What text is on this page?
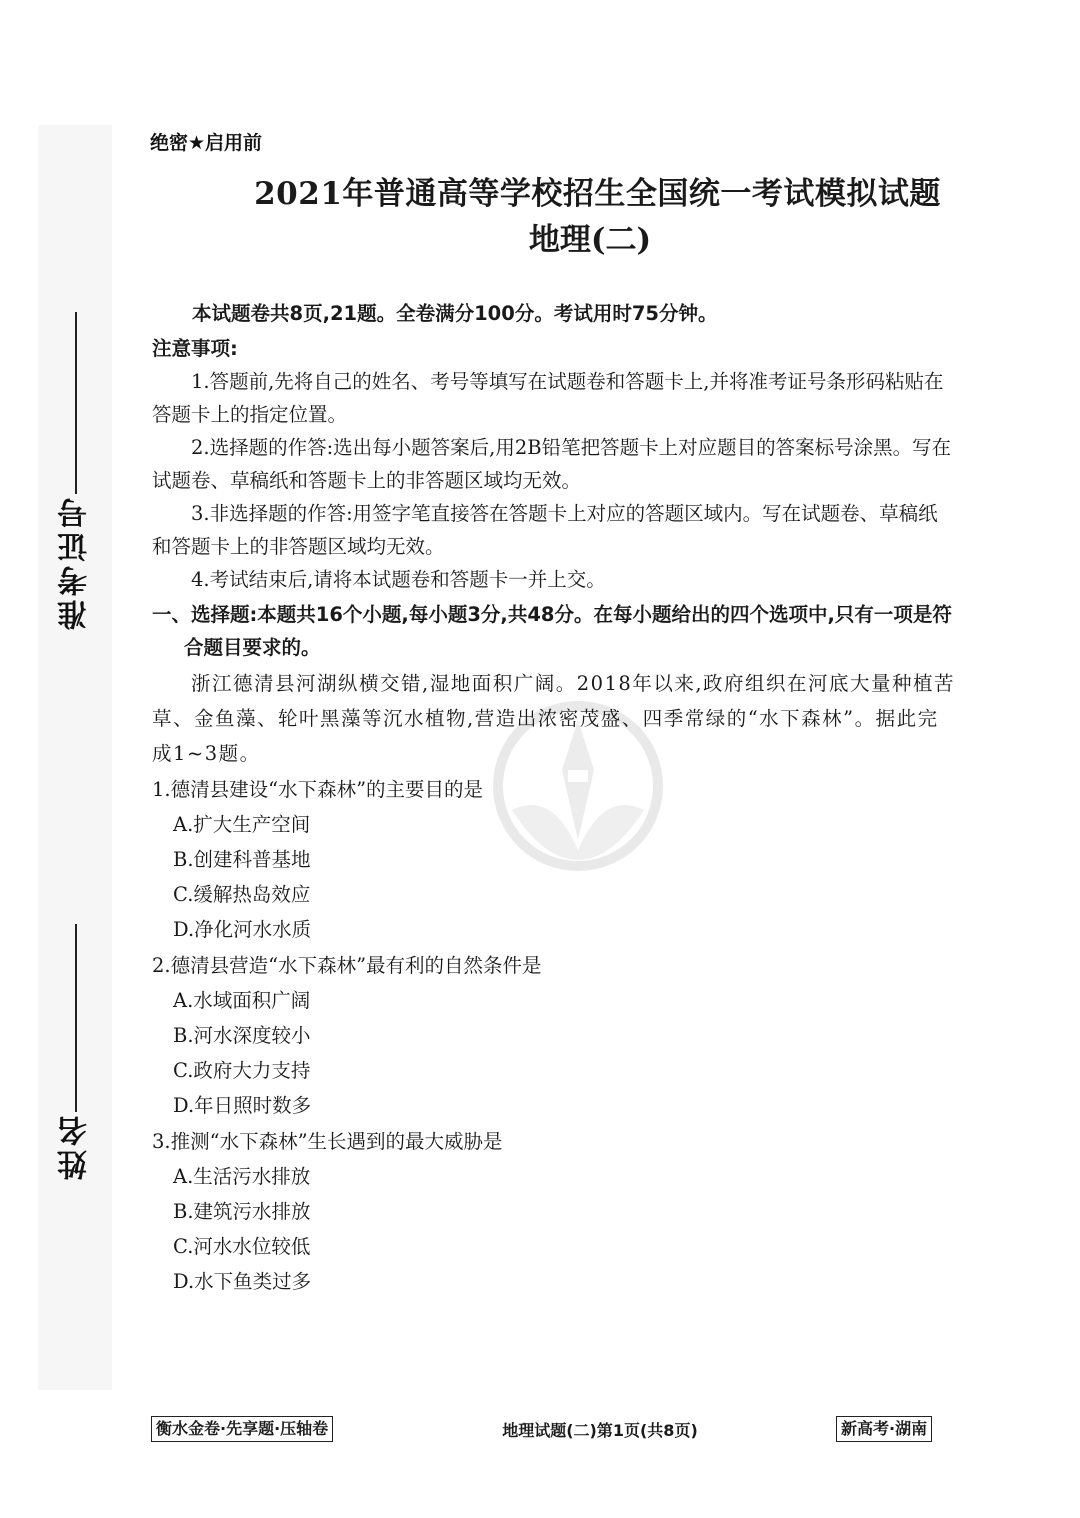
准考证号
姓名
绝密★启用前
2021年普通高等学校招生全国统一考试模拟试题
地理(二)

本试题卷共8页,21题。全卷满分100分。考试用时75分钟。

注意事项:

1.答题前,先将自己的姓名、考号等填写在试题卷和答题卡上,并将准考证号条形码粘贴在答题卡上的指定位置。

2.选择题的作答:选出每小题答案后,用2B铅笔把答题卡上对应题目的答案标号涂黑。写在试题卷、草稿纸和答题卡上的非答题区域均无效。

3.非选择题的作答:用签字笔直接答在答题卡上对应的答题区域内。写在试题卷、草稿纸和答题卡上的非答题区域均无效。

4.考试结束后,请将本试题卷和答题卡一并上交。

一、选择题:本题共16个小题,每小题3分,共48分。在每小题给出的四个选项中,只有一项是符合题目要求的。

浙江德清县河湖纵横交错,湿地面积广阔。2018年以来,政府组织在河底大量种植苦草、金鱼藻、轮叶黑藻等沉水植物,营造出浓密茂盛、四季常绿的“水下森林”。据此完成1~3题。

1.德清县建设“水下森林”的主要目的是

A.扩大生产空间

B.创建科普基地

C.缓解热岛效应

D.净化河水水质

2.德清县营造“水下森林”最有利的自然条件是

A.水域面积广阔

B.河水深度较小

C.政府大力支持

D.年日照时数多

3.推测“水下森林”生长遇到的最大威胁是

A.生活污水排放

B.建筑污水排放

C.河水水位较低

D.水下鱼类过多

衡水金卷·先享题·压轴卷	地理试题(二)第1页(共8页)	新高考·湖南
